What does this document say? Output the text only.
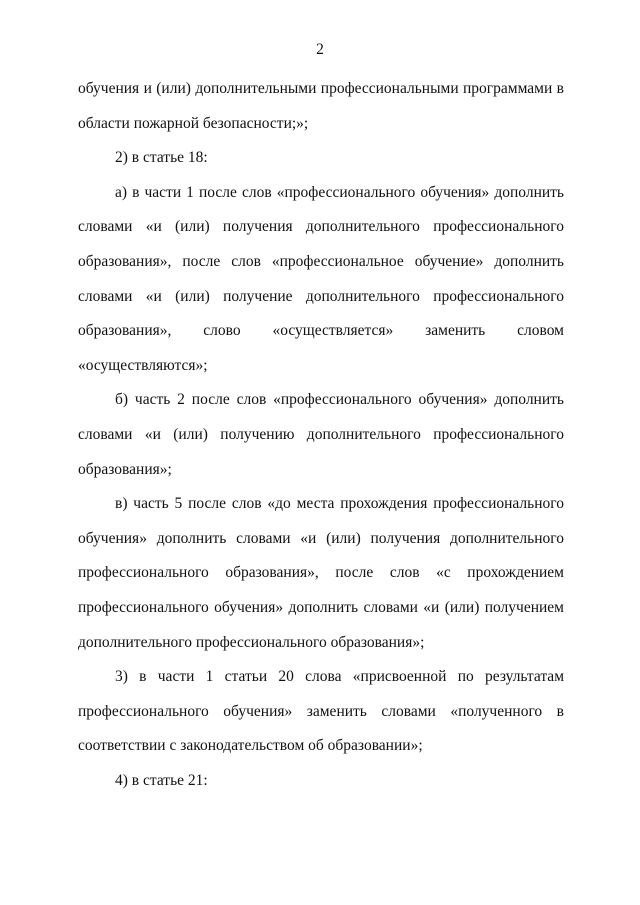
2

обучения и (или) дополнительными профессиональными программами в области пожарной безопасности;»;

2) в статье 18:

а) в части 1 после слов «профессионального обучения» дополнить словами «и (или) получения дополнительного профессионального образования», после слов «профессиональное обучение» дополнить словами «и (или) получение дополнительного профессионального образования», слово «осуществляется» заменить словом «осуществляются»;

б) часть 2 после слов «профессионального обучения» дополнить словами «и (или) получению дополнительного профессионального образования»;

в) часть 5 после слов «до места прохождения профессионального обучения» дополнить словами «и (или) получения дополнительного профессионального образования», после слов «с прохождением профессионального обучения» дополнить словами «и (или) получением дополнительного профессионального образования»;

3) в части 1 статьи 20 слова «присвоенной по результатам профессионального обучения» заменить словами «полученного в соответствии с законодательством об образовании»;

4) в статье 21:
